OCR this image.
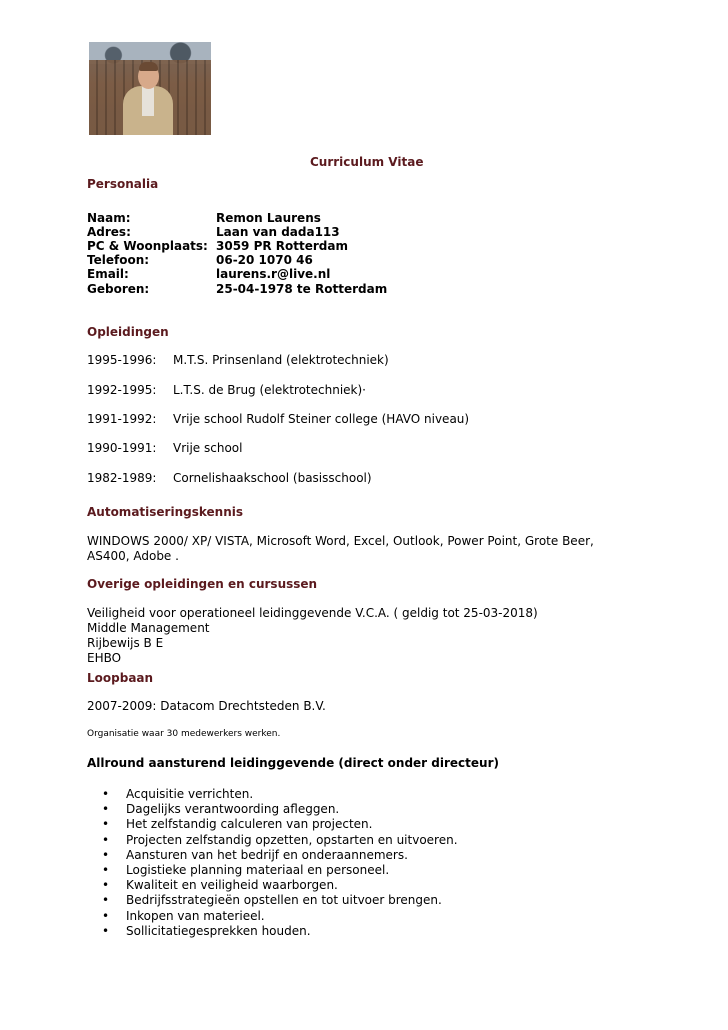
Curriculum Vitae
Personalia
Naam:	Remon Laurens
Adres:	Laan van dada113
PC & Woonplaats: 3059 PR Rotterdam
Telefoon:	06-20 1070 46
Email:	laurens.r@live.nl
Geboren:	25-04-1978 te Rotterdam
Opleidingen
1995-1996: M.T.S. Prinsenland (elektrotechniek)
1992-1995: L.T.S. de Brug (elektrotechniek)·
1991-1992: Vrije school Rudolf Steiner college (HAVO niveau)
1990-1991: Vrije school
1982-1989: Cornelishaakschool (basisschool)
Automatiseringskennis
WINDOWS 2000/ XP/ VISTA, Microsoft Word, Excel, Outlook, Power Point, Grote Beer,
AS400, Adobe .
Overige opleidingen en cursussen
Veiligheid voor operationeel leidinggevende V.C.A. ( geldig tot 25-03-2018)
Middle Management
Rijbewijs B E
EHBO
Loopbaan
2007-2009: Datacom Drechtsteden B.V.
Organisatie waar 30 medewerkers werken.
Allround aansturend leidinggevende (direct onder directeur)
• Acquisitie verrichten.
• Dagelijks verantwoording afleggen.
• Het zelfstandig calculeren van projecten.
• Projecten zelfstandig opzetten, opstarten en uitvoeren.
• Aansturen van het bedrijf en onderaannemers.
• Logistieke planning materiaal en personeel.
• Kwaliteit en veiligheid waarborgen.
• Bedrijfsstrategieën opstellen en tot uitvoer brengen.
• Inkopen van materieel.
• Sollicitatiegesprekken houden.
